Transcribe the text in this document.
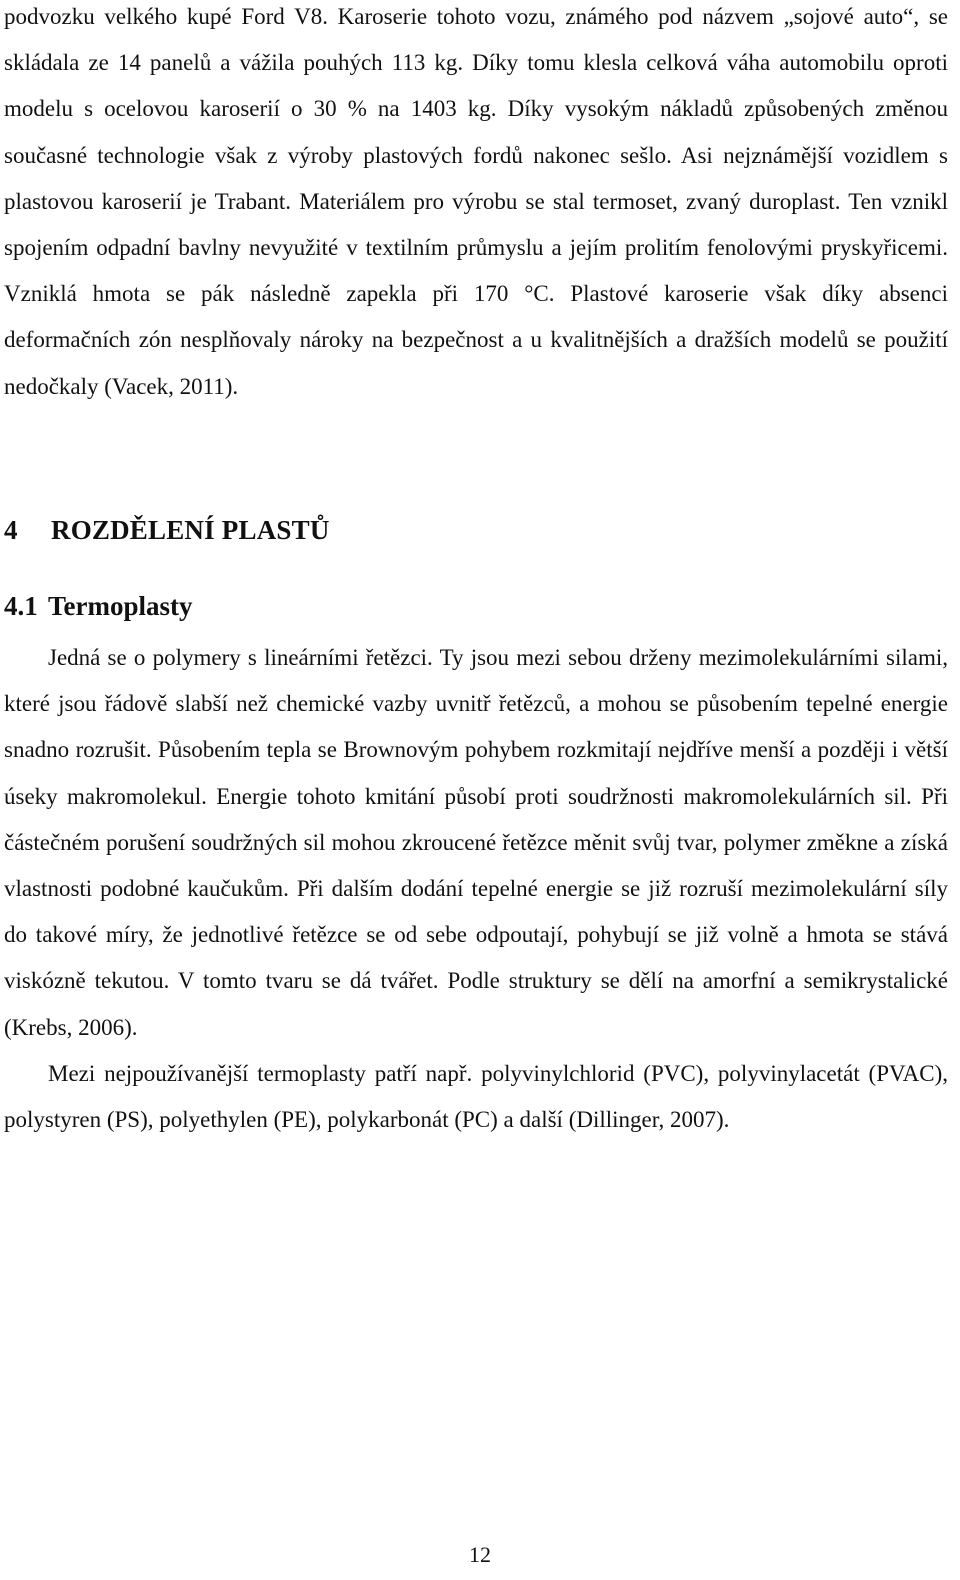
podvozku velkého kupé Ford V8. Karoserie tohoto vozu, známého pod názvem „sojové auto“, se skládala ze 14 panelů a vážila pouhých 113 kg. Díky tomu klesla celková váha automobilu oproti modelu s ocelovou karoserií o 30 % na 1403 kg. Díky vysokým nákladů způsobených změnou současné technologie však z výroby plastových fordů nakonec sešlo. Asi nejznámější vozidlem s plastovou karoserií je Trabant. Materiálem pro výrobu se stal termoset, zvaný duroplast. Ten vznikl spojením odpadní bavlny nevyužité v textilním průmyslu a jejím prolitím fenolovými pryskyřicemi. Vzniklá hmota se pák následně zapekla při 170 °C. Plastové karoserie však díky absenci deformačních zón nesplňovaly nároky na bezpečnost a u kvalitnějších a dražších modelů se použití nedočkaly (Vacek, 2011).

4 ROZDĚLENÍ PLASTŮ
4.1 Termoplasty

Jedná se o polymery s lineárními řetězci. Ty jsou mezi sebou drženy mezimolekulárními silami, které jsou řádově slabší než chemické vazby uvnitř řetězců, a mohou se působením tepelné energie snadno rozrušit. Působením tepla se Brownovým pohybem rozkmitají nejdříve menší a později i větší úseky makromolekul. Energie tohoto kmitání působí proti soudržnosti makromolekulárních sil. Při částečném porušení soudržných sil mohou zkroucené řetězce měnit svůj tvar, polymer změkne a získá vlastnosti podobné kaučukům. Při dalším dodání tepelné energie se již rozruší mezimolekulární síly do takové míry, že jednotlivé řetězce se od sebe odpoutají, pohybují se již volně a hmota se stává viskózně tekutou. V tomto tvaru se dá tvářet. Podle struktury se dělí na amorfní a semikrystalické (Krebs, 2006).

Mezi nejpoužívanější termoplasty patří např. polyvinylchlorid (PVC), polyvinylacetát (PVAC), polystyren (PS), polyethylen (PE), polykarbonát (PC) a další (Dillinger, 2007).

12
